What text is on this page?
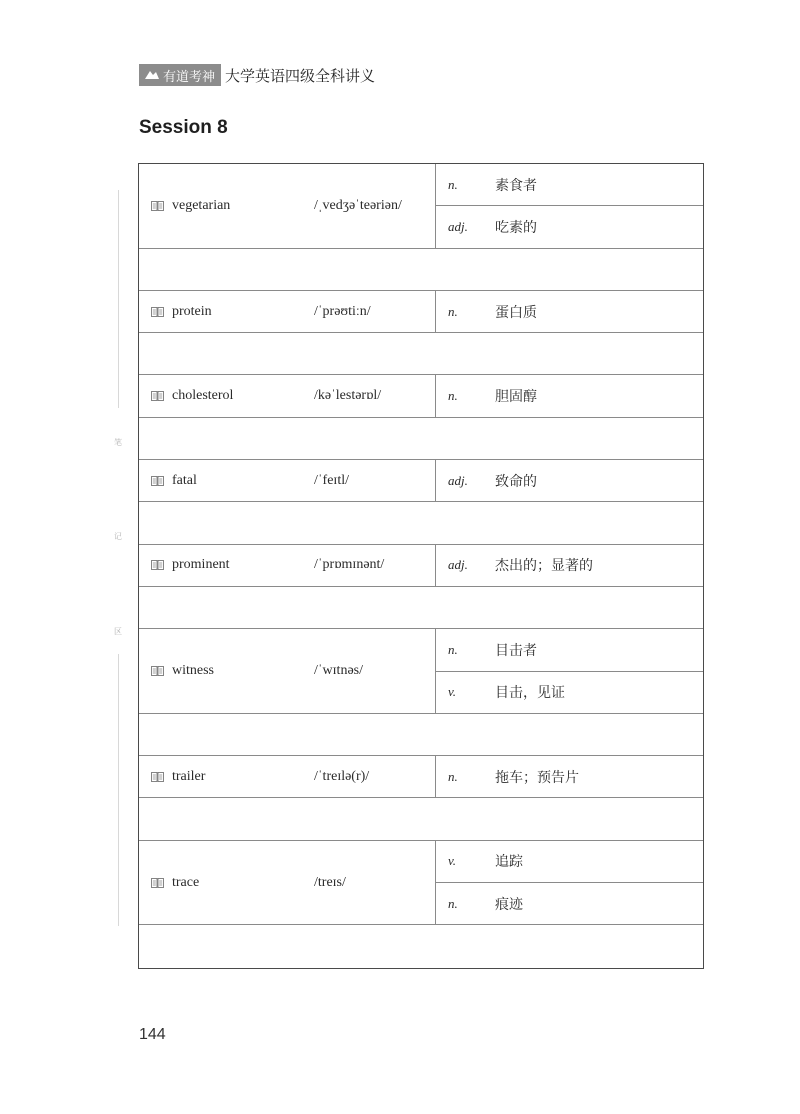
有道考神 大学英语四级全科讲义
Session 8
笔
记
区
vegetarian	/ˌvedʒəˈteəriən/
n.	素食者
adj. 吃素的
protein	/ˈprəʊtiːn/	n.	蛋白质
cholesterol	/kəˈlestərɒl/	n.	胆固醇
fatal	/ˈfeɪtl/	adj. 致命的
prominent	/ˈprɒmɪnənt/	adj. 杰出的；显著的
witness	/ˈwɪtnəs/
n.	目击者
v.	目击，见证
trailer	/ˈtreɪlə(r)/	n.	拖车；预告片
trace	/treɪs/
v.	追踪
n.	痕迹
144
